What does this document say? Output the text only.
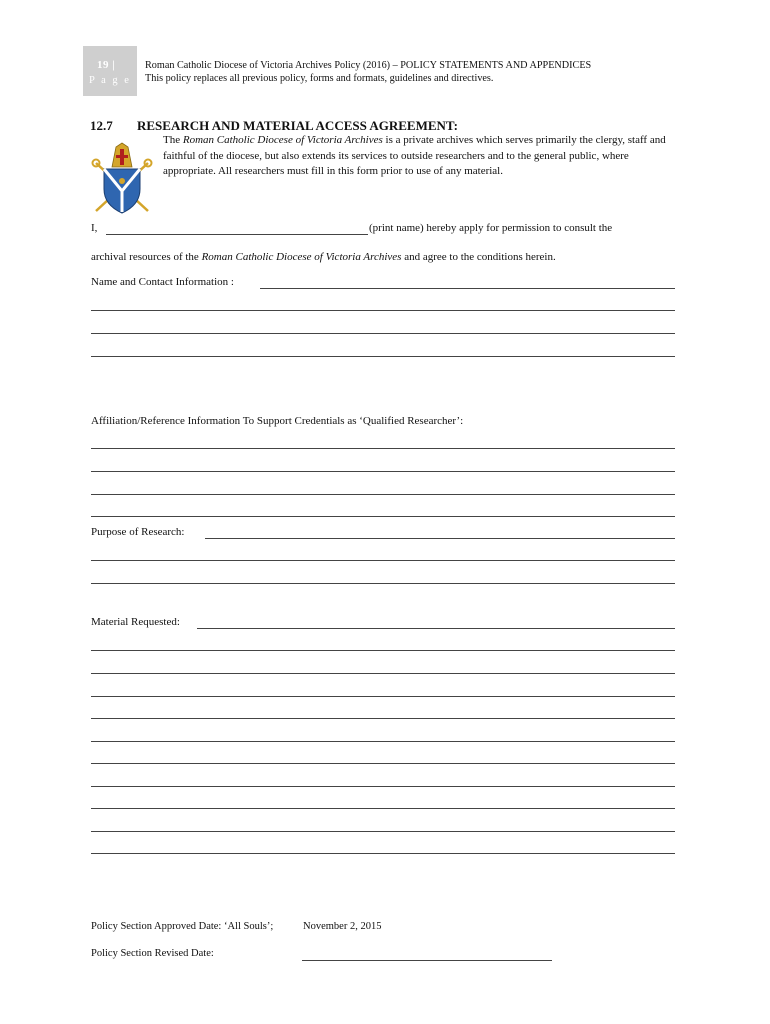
19 |
P a g e
Roman Catholic Diocese of Victoria Archives Policy (2016) – POLICY STATEMENTS AND APPENDICES
This policy replaces all previous policy, forms and formats, guidelines and directives.
12.7 RESEARCH AND MATERIAL ACCESS AGREEMENT:
The Roman Catholic Diocese of Victoria Archives is a private archives which serves primarily the clergy, staff and faithful of the diocese, but also extends its services to outside researchers and to the general public, where appropriate. All researchers must fill in this form prior to use of any material.
I,	(print name) hereby apply for permission to consult the
archival resources of the Roman Catholic Diocese of Victoria Archives and agree to the conditions herein.
Name and Contact Information :
Affiliation/Reference Information To Support Credentials as ‘Qualified Researcher’:
Purpose of Research:
Material Requested:
Policy Section Approved Date: ‘All Souls’;	November 2, 2015
Policy Section Revised Date:
